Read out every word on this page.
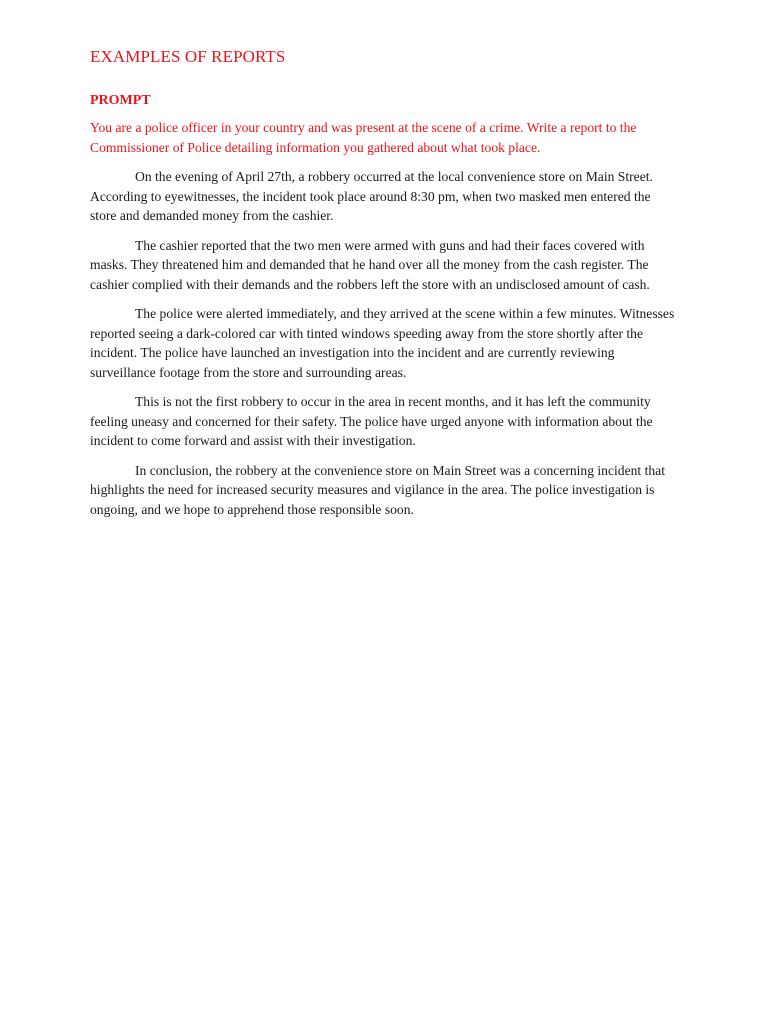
EXAMPLES OF REPORTS
PROMPT

You are a police officer in your country and was present at the scene of a crime. Write a report to the Commissioner of Police detailing information you gathered about what took place.

On the evening of April 27th, a robbery occurred at the local convenience store on Main Street. According to eyewitnesses, the incident took place around 8:30 pm, when two masked men entered the store and demanded money from the cashier.

The cashier reported that the two men were armed with guns and had their faces covered with masks. They threatened him and demanded that he hand over all the money from the cash register. The cashier complied with their demands and the robbers left the store with an undisclosed amount of cash.

The police were alerted immediately, and they arrived at the scene within a few minutes. Witnesses reported seeing a dark-colored car with tinted windows speeding away from the store shortly after the incident. The police have launched an investigation into the incident and are currently reviewing surveillance footage from the store and surrounding areas.

This is not the first robbery to occur in the area in recent months, and it has left the community feeling uneasy and concerned for their safety. The police have urged anyone with information about the incident to come forward and assist with their investigation.

In conclusion, the robbery at the convenience store on Main Street was a concerning incident that highlights the need for increased security measures and vigilance in the area. The police investigation is ongoing, and we hope to apprehend those responsible soon.
